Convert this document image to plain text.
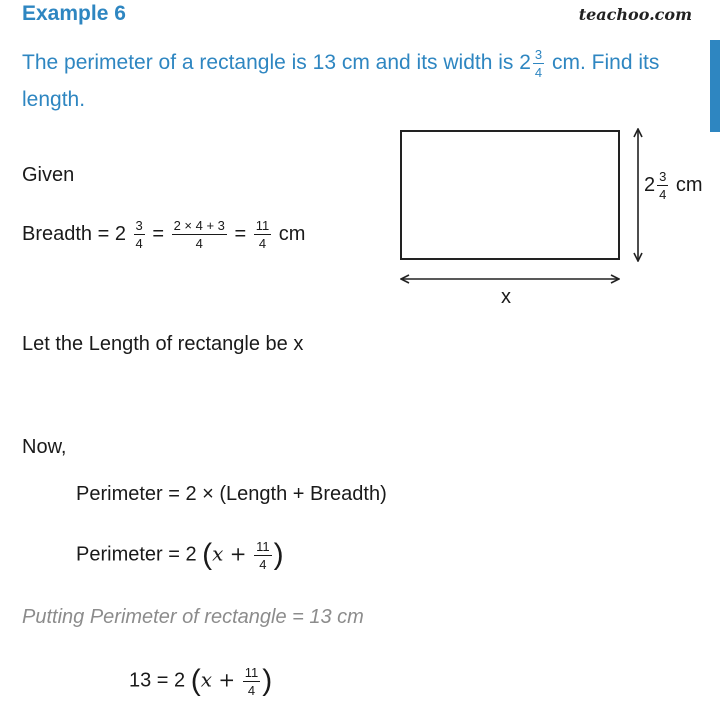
Example 6	teachoo.com
The perimeter of a rectangle is 13 cm and its width is $2 \frac{3}{4}$ cm. Find its
length.
$2 \frac{3}{4}$ cm
x
Given
Breadth = $2 \frac{3}{4} = \frac{2 \times 4 + 3}{4} = \frac{11}{4}$ cm
Let the Length of rectangle be x
Now,
Perimeter = 2 × (Length + Breadth)
Perimeter = 2 ($x + \frac{11}{4}$ )
Putting Perimeter of rectangle = 13 cm
13 = 2 ($x + \frac{11}{4}$ )
